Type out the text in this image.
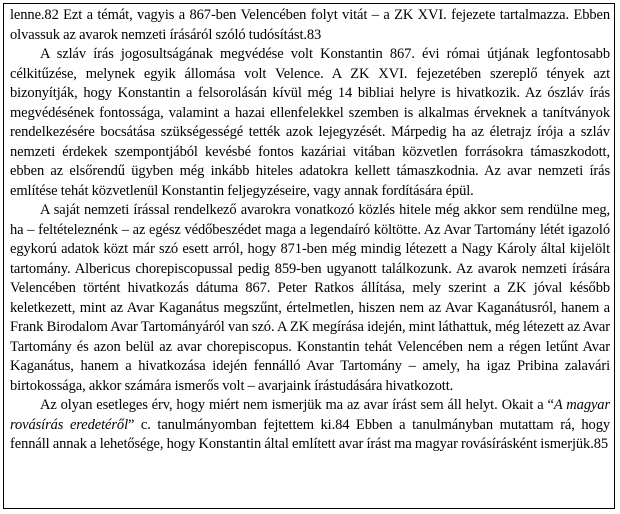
lenne.82 Ezt a témát, vagyis a 867-ben Velencében folyt vitát – a ZK XVI. fejezete tartalmazza. Ebben olvassuk az avarok nemzeti írásáról szóló tudósítást.83

A szláv írás jogosultságának megvédése volt Konstantin 867. évi római útjának legfontosabb célkitűzése, melynek egyik állomása volt Velence. A ZK XVI. fejezetében szereplő tények azt bizonyítják, hogy Konstantin a felsorolásán kívül még 14 bibliai helyre is hivatkozik. Az ószláv írás megvédésének fontossága, valamint a hazai ellenfelekkel szemben is alkalmas érveknek a tanítványok rendelkezésére bocsátása szükségességé tették azok lejegyzését. Márpedig ha az életrajz írója a szláv nemzeti érdekek szempontjából kevésbé fontos kazáriai vitában közvetlen forrásokra támaszkodott, ebben az elsőrendű ügyben még inkább hiteles adatokra kellett támaszkodnia. Az avar nemzeti írás említése tehát közvetlenül Konstantin feljegyzéseire, vagy annak fordítására épül.

A saját nemzeti írással rendelkező avarokra vonatkozó közlés hitele még akkor sem rendülne meg, ha – feltételeznénk – az egész védőbeszédet maga a legendaíró költötte. Az Avar Tartomány létét igazoló egykorú adatok közt már szó esett arról, hogy 871-ben még mindig létezett a Nagy Károly által kijelölt tartomány. Albericus chorepiscopussal pedig 859-ben ugyanott találkozunk. Az avarok nemzeti írására Velencében történt hivatkozás dátuma 867. Peter Ratkos állítása, mely szerint a ZK jóval később keletkezett, mint az Avar Kaganátus megszűnt, értelmetlen, hiszen nem az Avar Kaganátusról, hanem a Frank Birodalom Avar Tartományáról van szó. A ZK megírása idején, mint láthattuk, még létezett az Avar Tartomány és azon belül az avar chorepiscopus. Konstantin tehát Velencében nem a régen letűnt Avar Kaganátus, hanem a hivatkozása idején fennálló Avar Tartomány – amely, ha igaz Pribina zalavári birtokossága, akkor számára ismerős volt – avarjaink írástudására hivatkozott.

Az olyan esetleges érv, hogy miért nem ismerjük ma az avar írást sem áll helyt. Okait a “A magyar rovásírás eredetéről” c. tanulmányomban fejtettem ki.84 Ebben a tanulmányban mutattam rá, hogy fennáll annak a lehetősége, hogy Konstantin által említett avar írást ma magyar rovásírásként ismerjük.85
